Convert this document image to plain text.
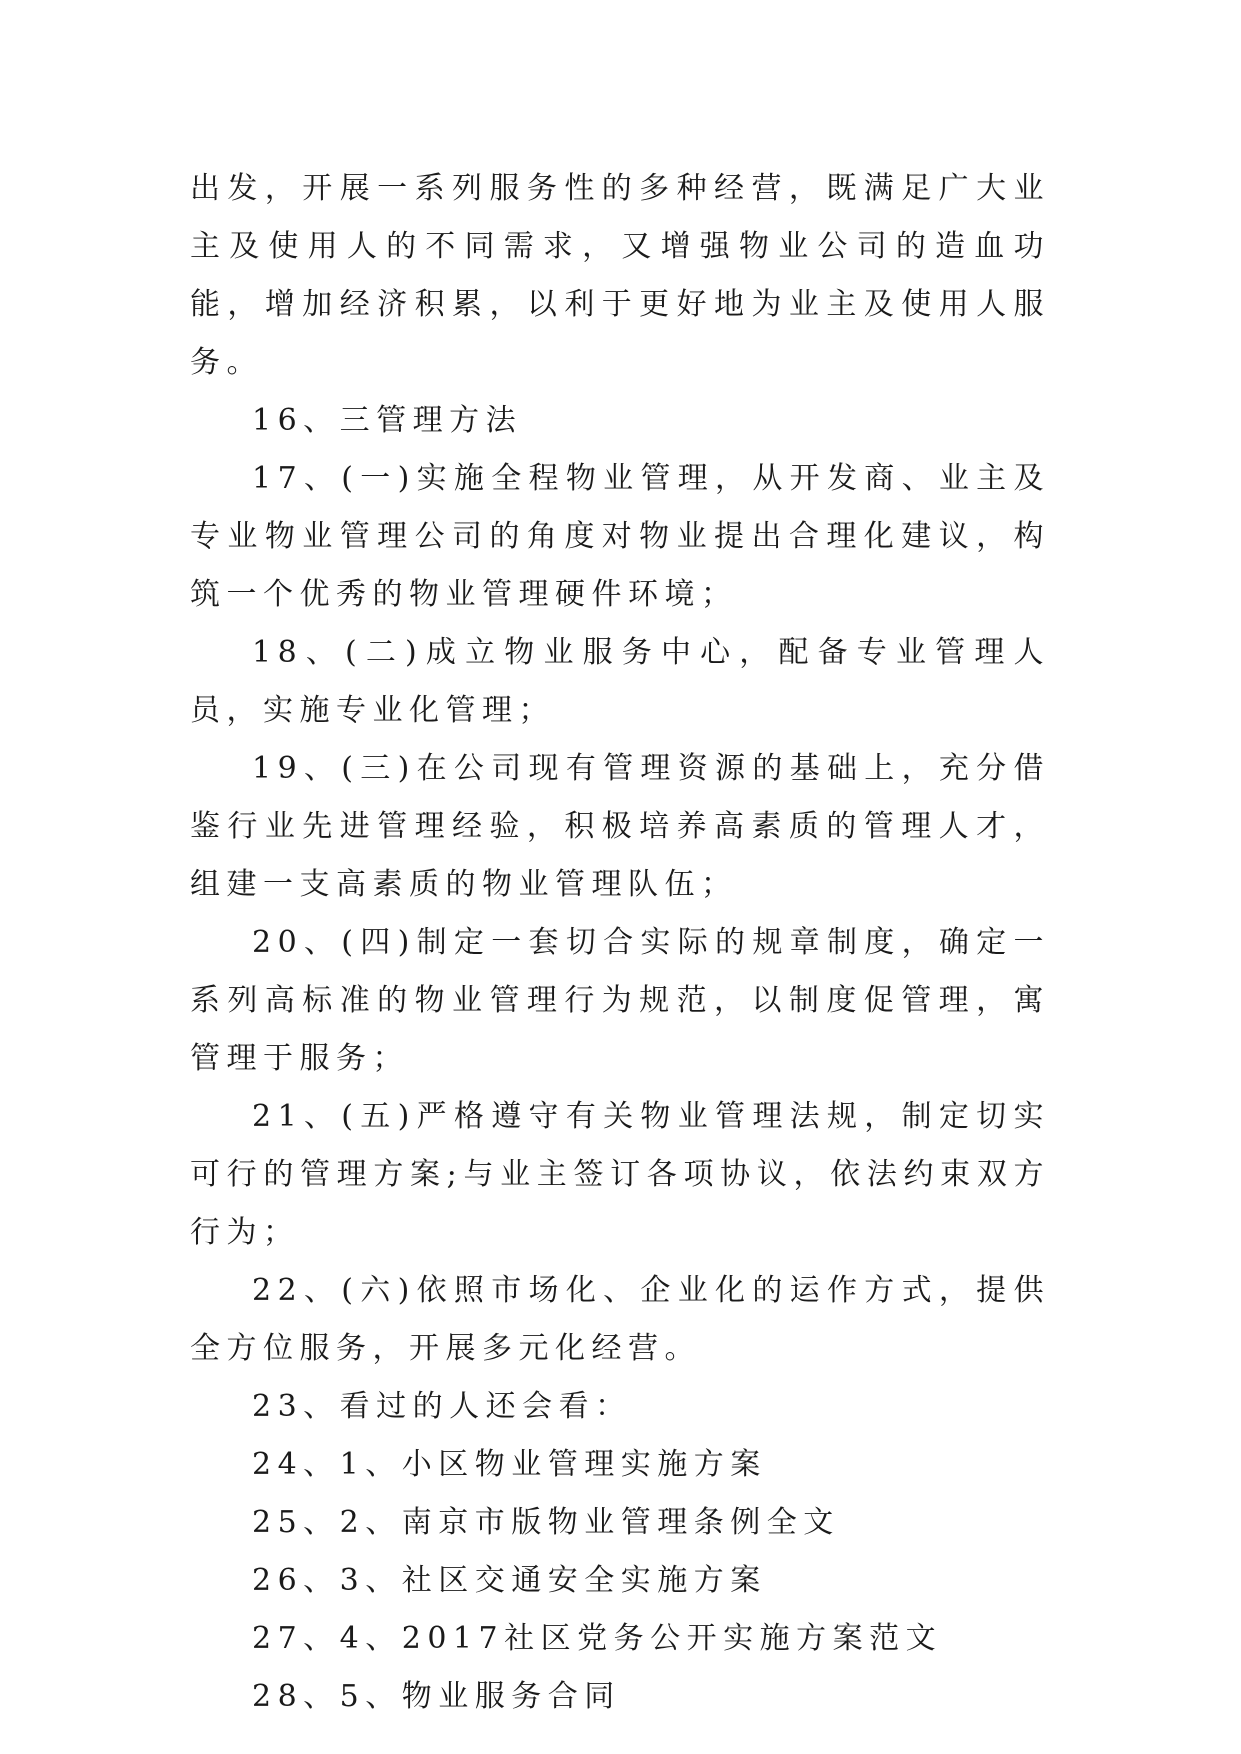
出发，开展一系列服务性的多种经营，既满足广大业主及使用人的不同需求，又增强物业公司的造血功能，增加经济积累，以利于更好地为业主及使用人服务。

16、三管理方法

17、(一)实施全程物业管理，从开发商、业主及专业物业管理公司的角度对物业提出合理化建议，构筑一个优秀的物业管理硬件环境；

18、(二)成立物业服务中心，配备专业管理人员，实施专业化管理；

19、(三)在公司现有管理资源的基础上，充分借鉴行业先进管理经验，积极培养高素质的管理人才，组建一支高素质的物业管理队伍；

20、(四)制定一套切合实际的规章制度，确定一系列高标准的物业管理行为规范，以制度促管理，寓管理于服务；

21、(五)严格遵守有关物业管理法规，制定切实可行的管理方案;与业主签订各项协议，依法约束双方行为；

22、(六)依照市场化、企业化的运作方式，提供全方位服务，开展多元化经营。

23、看过的人还会看：

24、1、小区物业管理实施方案

25、2、南京市版物业管理条例全文

26、3、社区交通安全实施方案

27、4、2017社区党务公开实施方案范文

28、5、物业服务合同
